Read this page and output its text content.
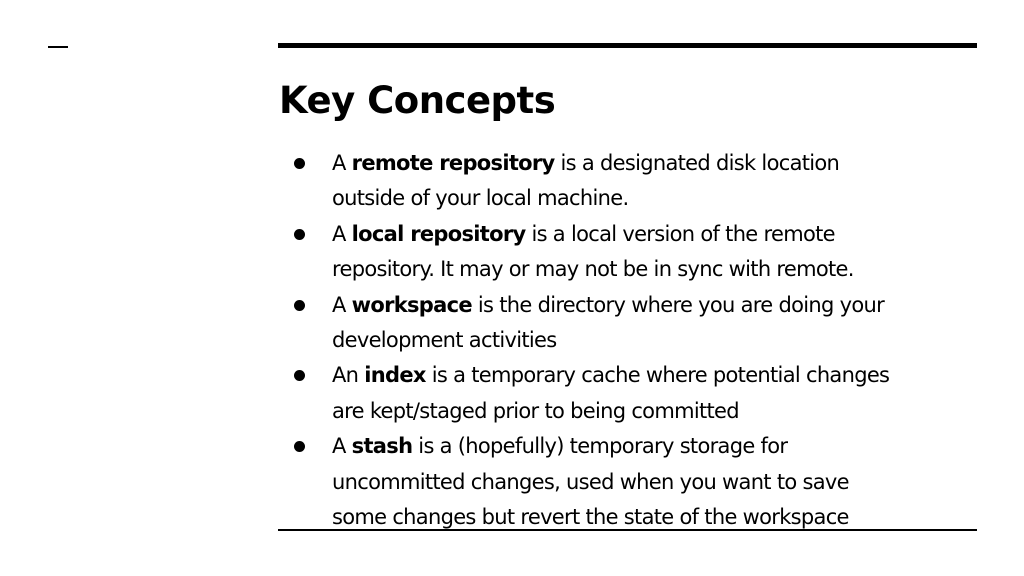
Key Concepts
A remote repository is a designated disk location
outside of your local machine.
A local repository is a local version of the remote
repository. It may or may not be in sync with remote.
A workspace is the directory where you are doing your
development activities
An index is a temporary cache where potential changes
are kept/staged prior to being committed
A stash is a (hopefully) temporary storage for
uncommitted changes, used when you want to save
some changes but revert the state of the workspace
